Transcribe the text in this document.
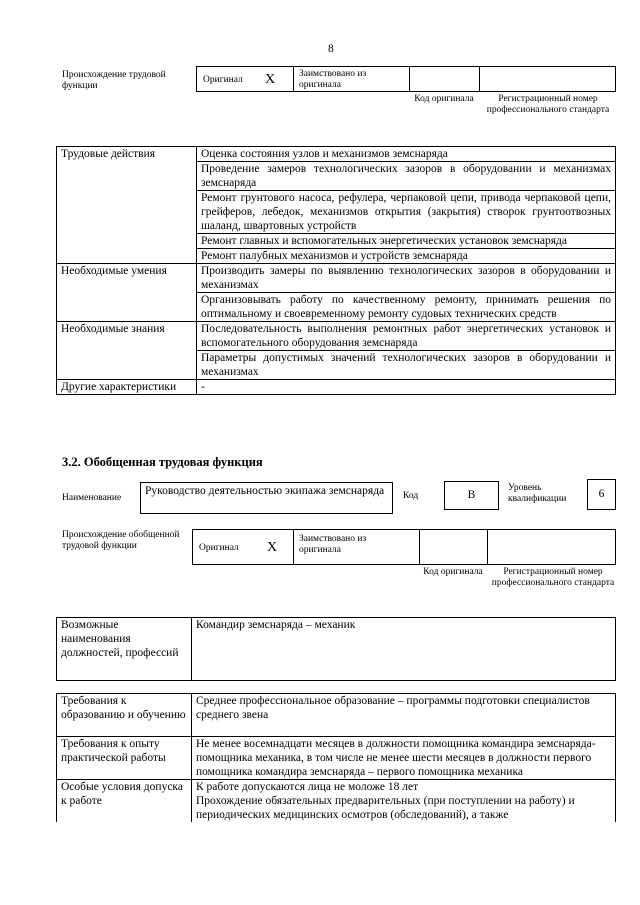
8
Происхождение трудовой функции
Оригинал X	Заимствовано из оригинала
Код оригинала	Регистрационный номер профессионального стандарта
Трудовые действия	Оценка состояния узлов и механизмов земснаряда
	Проведение замеров технологических зазоров в оборудовании и механизмах земснаряда
	Ремонт грунтового насоса, рефулера, черпаковой цепи, привода черпаковой цепи, грейферов, лебедок, механизмов открытия (закрытия) створок грунтоотвозных шаланд, швартовных устройств
	Ремонт главных и вспомогательных энергетических установок земснаряда
	Ремонт палубных механизмов и устройств земснаряда
Необходимые умения	Производить замеры по выявлению технологических зазоров в оборудовании и механизмах
	Организовывать работу по качественному ремонту, принимать решения по оптимальному и своевременному ремонту судовых технических средств
Необходимые знания	Последовательность выполнения ремонтных работ энергетических установок и вспомогательного оборудования земснаряда
	Параметры допустимых значений технологических зазоров в оборудовании и механизмах
Другие характеристики	-
3.2. Обобщенная трудовая функция
Наименование
Руководство деятельностью экипажа земснаряда	Код	B
Уровень квалификации	6
Происхождение обобщенной трудовой функции	Оригинал X
Заимствовано из оригинала
Код оригинала	Регистрационный номер профессионального стандарта
Возможные наименования должностей, профессий	Командир земснаряда – механик
Требования к образованию и обучению	Среднее профессиональное образование – программы подготовки специалистов среднего звена
Требования к опыту практической работы	Не менее восемнадцати месяцев в должности помощника командира земснаряда-помощника механика, в том числе не менее шести месяцев в должности первого помощника командира земснаряда – первого помощника механика
Особые условия допуска к работе	К работе допускаются лица не моложе 18 лет
Прохождение обязательных предварительных (при поступлении на работу) и периодических медицинских осмотров (обследований), а также
